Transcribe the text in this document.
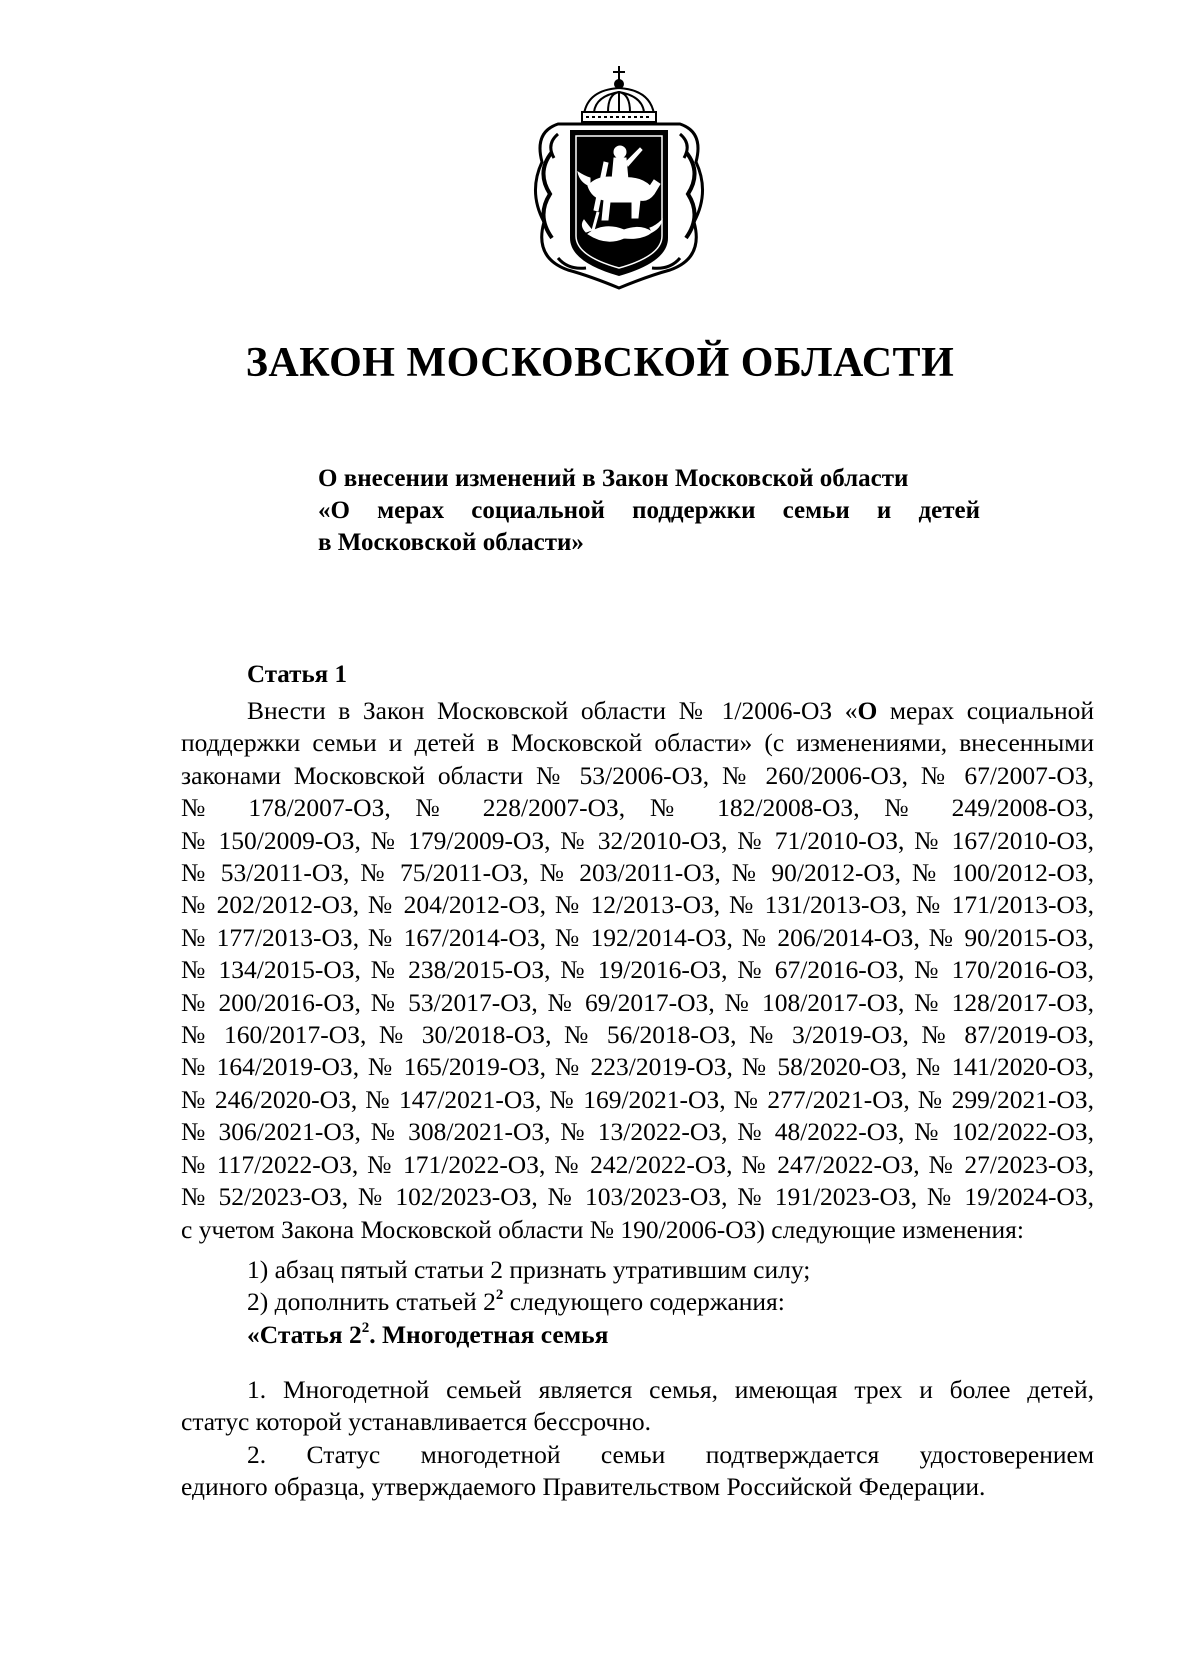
ЗАКОН МОСКОВСКОЙ ОБЛАСТИ
О внесении изменений в Закон Московской области
«О мерах социальной поддержки семьи и детей
в Московской области»
Статья 1
Внести в Закон Московской области № 1/2006-ОЗ «О мерах социальной
поддержки семьи и детей в Московской области» (с изменениями, внесенными
законами Московской области № 53/2006-ОЗ, № 260/2006-ОЗ, № 67/2007-ОЗ,
№ 178/2007-ОЗ, № 228/2007-ОЗ, № 182/2008-ОЗ, № 249/2008-ОЗ,
№ 150/2009-ОЗ, № 179/2009-ОЗ, № 32/2010-ОЗ, № 71/2010-ОЗ, № 167/2010-ОЗ,
№ 53/2011-ОЗ, № 75/2011-ОЗ, № 203/2011-ОЗ, № 90/2012-ОЗ, № 100/2012-ОЗ,
№ 202/2012-ОЗ, № 204/2012-ОЗ, № 12/2013-ОЗ, № 131/2013-ОЗ, № 171/2013-ОЗ,
№ 177/2013-ОЗ, № 167/2014-ОЗ, № 192/2014-ОЗ, № 206/2014-ОЗ, № 90/2015-ОЗ,
№ 134/2015-ОЗ, № 238/2015-ОЗ, № 19/2016-ОЗ, № 67/2016-ОЗ, № 170/2016-ОЗ,
№ 200/2016-ОЗ, № 53/2017-ОЗ, № 69/2017-ОЗ, № 108/2017-ОЗ, № 128/2017-ОЗ,
№ 160/2017-ОЗ, № 30/2018-ОЗ, № 56/2018-ОЗ, № 3/2019-ОЗ, № 87/2019-ОЗ,
№ 164/2019-ОЗ, № 165/2019-ОЗ, № 223/2019-ОЗ, № 58/2020-ОЗ, № 141/2020-ОЗ,
№ 246/2020-ОЗ, № 147/2021-ОЗ, № 169/2021-ОЗ, № 277/2021-ОЗ, № 299/2021-ОЗ,
№ 306/2021-ОЗ, № 308/2021-ОЗ, № 13/2022-ОЗ, № 48/2022-ОЗ, № 102/2022-ОЗ,
№ 117/2022-ОЗ, № 171/2022-ОЗ, № 242/2022-ОЗ, № 247/2022-ОЗ, № 27/2023-ОЗ,
№ 52/2023-ОЗ, № 102/2023-ОЗ, № 103/2023-ОЗ, № 191/2023-ОЗ, № 19/2024-ОЗ,
с учетом Закона Московской области № 190/2006-ОЗ) следующие изменения:
1) абзац пятый статьи 2 признать утратившим силу;
2) дополнить статьей $2^2$ следующего содержания:
«Статья $2^2$. Многодетная семья
1. Многодетной семьей является семья, имеющая трех и более детей,
статус которой устанавливается бессрочно.
2. Статус многодетной семьи подтверждается удостоверением
единого образца, утверждаемого Правительством Российской Федерации.
